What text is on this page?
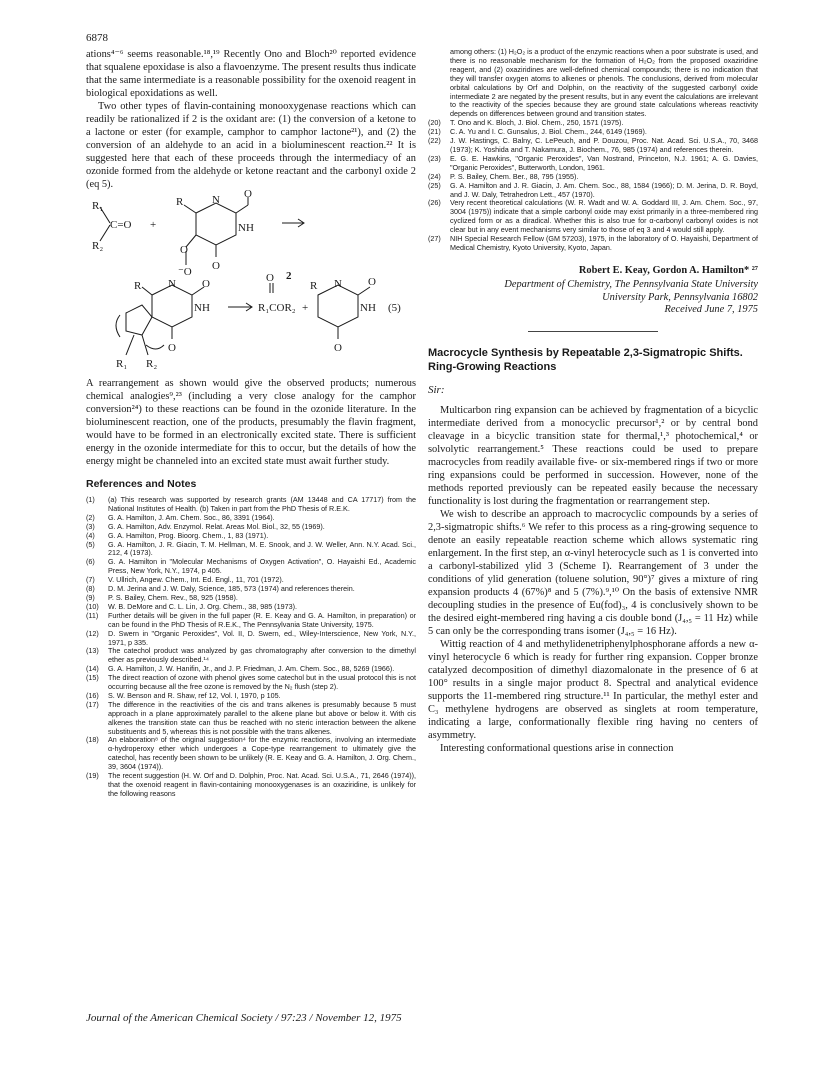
6878

ations⁴⁻⁶ seems reasonable.¹⁸,¹⁹ Recently Ono and Bloch²⁰ reported evidence that squalene epoxidase is also a flavoenzyme. The present results thus indicate that the same intermediate is a reasonable possibility for the oxenoid reagent in biological epoxidations as well.

Two other types of flavin-containing monooxygenase reactions which can readily be rationalized if 2 is the oxidant are: (1) the conversion of a ketone to a lactone or ester (for example, camphor to camphor lactone²¹), and (2) the conversion of an aldehyde to an acid in a bioluminescent reaction.²² It is suggested here that each of these proceeds through the intermediacy of an ozonide formed from the aldehyde or ketone reactant and the carbonyl oxide 2 (eq 5).

R₁
C=O
R₂
+
R	N O
NH
O
O
⁻O	2
R N O
NH
O
R₁ R₂
O
R₁COR₂ +
R N O
NH
O
(5)

A rearrangement as shown would give the observed products; numerous chemical analogies⁹,²³ (including a very close analogy for the camphor conversion²⁴) to these reactions can be found in the ozonide literature. In the bioluminescent reaction, one of the products, presumably the flavin fragment, would have to be formed in an electronically excited state. There is sufficient energy in the ozonide intermediate for this to occur, but the details of how the energy might be channeled into an excited state must await further study.

References and Notes
(1) (a) This research was supported by research grants (AM 13448 and CA 17717) from the National Institutes of Health. (b) Taken in part from the PhD Thesis of R.E.K.
(2) G. A. Hamilton, J. Am. Chem. Soc., 86, 3391 (1964).
(3) G. A. Hamilton, Adv. Enzymol. Relat. Areas Mol. Biol., 32, 55 (1969).
(4) G. A. Hamilton, Prog. Bioorg. Chem., 1, 83 (1971).
(5) G. A. Hamilton, J. R. Giacin, T. M. Hellman, M. E. Snook, and J. W. Weller, Ann. N.Y. Acad. Sci., 212, 4 (1973).
(6) G. A. Hamilton in "Molecular Mechanisms of Oxygen Activation", O. Hayaishi Ed., Academic Press, New York, N.Y., 1974, p 405.
(7) V. Ullrich, Angew. Chem., Int. Ed. Engl., 11, 701 (1972).
(8) D. M. Jerina and J. W. Daly, Science, 185, 573 (1974) and references therein.
(9) P. S. Bailey, Chem. Rev., 58, 925 (1958).
(10) W. B. DeMore and C. L. Lin, J. Org. Chem., 38, 985 (1973).
(11) Further details will be given in the full paper (R. E. Keay and G. A. Hamilton, in preparation) or can be found in the PhD Thesis of R.E.K., The Pennsylvania State University, 1975.
(12) D. Swern in "Organic Peroxides", Vol. II, D. Swern, ed., Wiley-Interscience, New York, N.Y., 1971, p 335.
(13) The catechol product was analyzed by gas chromatography after conversion to the dimethyl ether as previously described.¹⁴
(14) G. A. Hamilton, J. W. Hanifin, Jr., and J. P. Friedman, J. Am. Chem. Soc., 88, 5269 (1966).
(15) The direct reaction of ozone with phenol gives some catechol but in the usual protocol this is not occurring because all the free ozone is removed by the N₂ flush (step 2).
(16) S. W. Benson and R. Shaw, ref 12, Vol. I, 1970, p 105.
(17) The difference in the reactivities of the cis and trans alkenes is presumably because 5 must approach in a plane approximately parallel to the alkene plane but above or below it. With cis alkenes the transition state can thus be reached with no steric interaction between the alkene substituents and 5, whereas this is not possible with the trans alkenes.
(18) An elaboration⁸ of the original suggestion⁴ for the enzymic reactions, involving an intermediate α-hydroperoxy ether which undergoes a Cope-type rearrangement to ultimately give the catechol, has recently been shown to be unlikely (R. E. Keay and G. A. Hamilton, J. Org. Chem., 39, 3604 (1974)).
(19) The recent suggestion (H. W. Orf and D. Dolphin, Proc. Nat. Acad. Sci. U.S.A., 71, 2646 (1974)), that the oxenoid reagent in flavin-containing monooxygenases is an oxaziridine, is unlikely for the following reasons

among others: (1) H₂O₂ is a product of the enzymic reactions when a poor substrate is used, and there is no reasonable mechanism for the formation of H₂O₂ from the proposed oxaziridine reagent, and (2) oxaziridines are well-defined chemical compounds; there is no indication that they will transfer oxygen atoms to alkenes or phenols. The conclusions, derived from molecular orbital calculations by Orf and Dolphin, on the reactivity of the suggested carbonyl oxide intermediate 2 are negated by the present results, but in any event the calculations are irrelevant to the reactivity of the species because they are ground state calculations whereas reactivity depends on differences between ground and transition states.

(20) T. Ono and K. Bloch, J. Biol. Chem., 250, 1571 (1975).
(21) C. A. Yu and I. C. Gunsalus, J. Biol. Chem., 244, 6149 (1969).
(22) J. W. Hastings, C. Balny, C. LePeuch, and P. Douzou, Proc. Nat. Acad. Sci. U.S.A., 70, 3468 (1973); K. Yoshida and T. Nakamura, J. Biochem., 76, 985 (1974) and references therein.
(23) E. G. E. Hawkins, "Organic Peroxides", Van Nostrand, Princeton, N.J. 1961; A. G. Davies, "Organic Peroxides", Butterworth, London, 1961.
(24) P. S. Bailey, Chem. Ber., 88, 795 (1955).
(25) G. A. Hamilton and J. R. Giacin, J. Am. Chem. Soc., 88, 1584 (1966); D. M. Jerina, D. R. Boyd, and J. W. Daly, Tetrahedron Lett., 457 (1970).
(26) Very recent theoretical calculations (W. R. Wadt and W. A. Goddard III, J. Am. Chem. Soc., 97, 3004 (1975)) indicate that a simple carbonyl oxide may exist primarily in a three-membered ring cyclized form or as a diradical. Whether this is also true for α-carbonyl carbonyl oxides is not clear but in any event mechanisms very similar to those of eq 3 and 4 would still apply.
(27) NIH Special Research Fellow (GM 57203), 1975, in the laboratory of O. Hayaishi, Department of Medical Chemistry, Kyoto University, Kyoto, Japan.
Robert E. Keay, Gordon A. Hamilton* ²⁷

Department of Chemistry, The Pennsylvania State University

University Park, Pennsylvania 16802

Received June 7, 1975

Macrocycle Synthesis by Repeatable 2,3-Sigmatropic Shifts. Ring-Growing Reactions
Sir:

Multicarbon ring expansion can be achieved by fragmentation of a bicyclic intermediate derived from a monocyclic precursor¹,² or by central bond cleavage in a bicyclic transition state for thermal,¹,³ photochemical,⁴ or solvolytic rearrangement.⁵ These reactions could be used to prepare macrocycles from readily available five- or six-membered rings if two or more ring expansions could be performed in succession. However, none of the methods reported previously can be repeated easily because the necessary functionality is lost during the fragmentation or rearrangement step.

We wish to describe an approach to macrocyclic compounds by a series of 2,3-sigmatropic shifts.⁶ We refer to this process as a ring-growing sequence to denote an easily repeatable reaction scheme which allows systematic ring enlargement. In the first step, an α-vinyl heterocycle such as 1 is converted into a carbonyl-stabilized ylid 3 (Scheme I). Rearrangement of 3 under the conditions of ylid generation (toluene solution, 90°)⁷ gives a mixture of ring expansion products 4 (67%)⁸ and 5 (7%).⁹,¹⁰ On the basis of extensive NMR decoupling studies in the presence of Eu(fod)₃, 4 is conclusively shown to be the desired eight-membered ring having a cis double bond (J₄,₅ = 11 Hz) while 5 can only be the corresponding trans isomer (J₄,₅ = 16 Hz).

Wittig reaction of 4 and methylidenetriphenylphosphorane affords a new α-vinyl heterocycle 6 which is ready for further ring expansion. Copper bronze catalyzed decomposition of dimethyl diazomalonate in the presence of 6 at 100° results in a single major product 8. Spectral and analytical evidence supports the 11-membered ring structure.¹¹ In particular, the methyl ester and C₃ methylene hydrogens are observed as singlets at room temperature, indicating a large, conformationally flexible ring having no centers of asymmetry.

Interesting conformational questions arise in connection

Journal of the American Chemical Society / 97:23 / November 12, 1975
